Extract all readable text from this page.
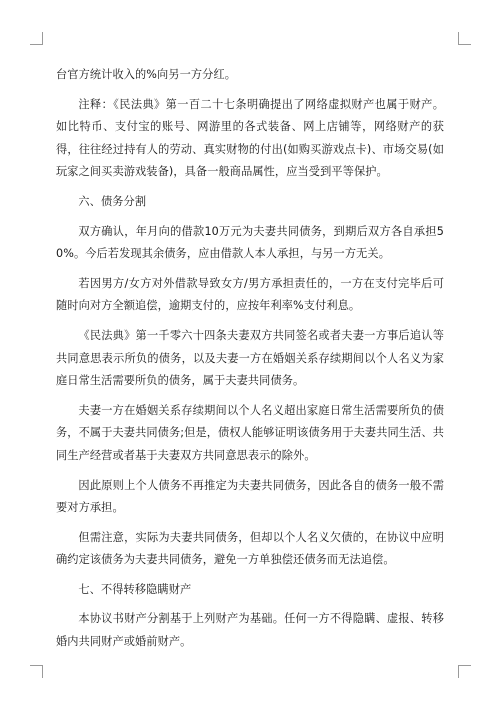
台官方统计收入的%向另一方分红。

注释：《民法典》第一百二十七条明确提出了网络虚拟财产也属于财产。如比特币、支付宝的账号、网游里的各式装备、网上店铺等，网络财产的获得，往往经过持有人的劳动、真实财物的付出(如购买游戏点卡)、市场交易(如玩家之间买卖游戏装备)，具备一般商品属性，应当受到平等保护。

六、债务分割

双方确认，年月向的借款10万元为夫妻共同债务，到期后双方各自承担50%。今后若发现其余债务，应由借款人本人承担，与另一方无关。

若因男方/女方对外借款导致女方/男方承担责任的，一方在支付完毕后可随时向对方全额追偿，逾期支付的，应按年利率%支付利息。

《民法典》第一千零六十四条夫妻双方共同签名或者夫妻一方事后追认等共同意思表示所负的债务，以及夫妻一方在婚姻关系存续期间以个人名义为家庭日常生活需要所负的债务，属于夫妻共同债务。

夫妻一方在婚姻关系存续期间以个人名义超出家庭日常生活需要所负的债务，不属于夫妻共同债务;但是，债权人能够证明该债务用于夫妻共同生活、共同生产经营或者基于夫妻双方共同意思表示的除外。

因此原则上个人债务不再推定为夫妻共同债务，因此各自的债务一般不需要对方承担。

但需注意，实际为夫妻共同债务，但却以个人名义欠债的，在协议中应明确约定该债务为夫妻共同债务，避免一方单独偿还债务而无法追偿。

七、不得转移隐瞒财产

本协议书财产分割基于上列财产为基础。任何一方不得隐瞒、虚报、转移婚内共同财产或婚前财产。
